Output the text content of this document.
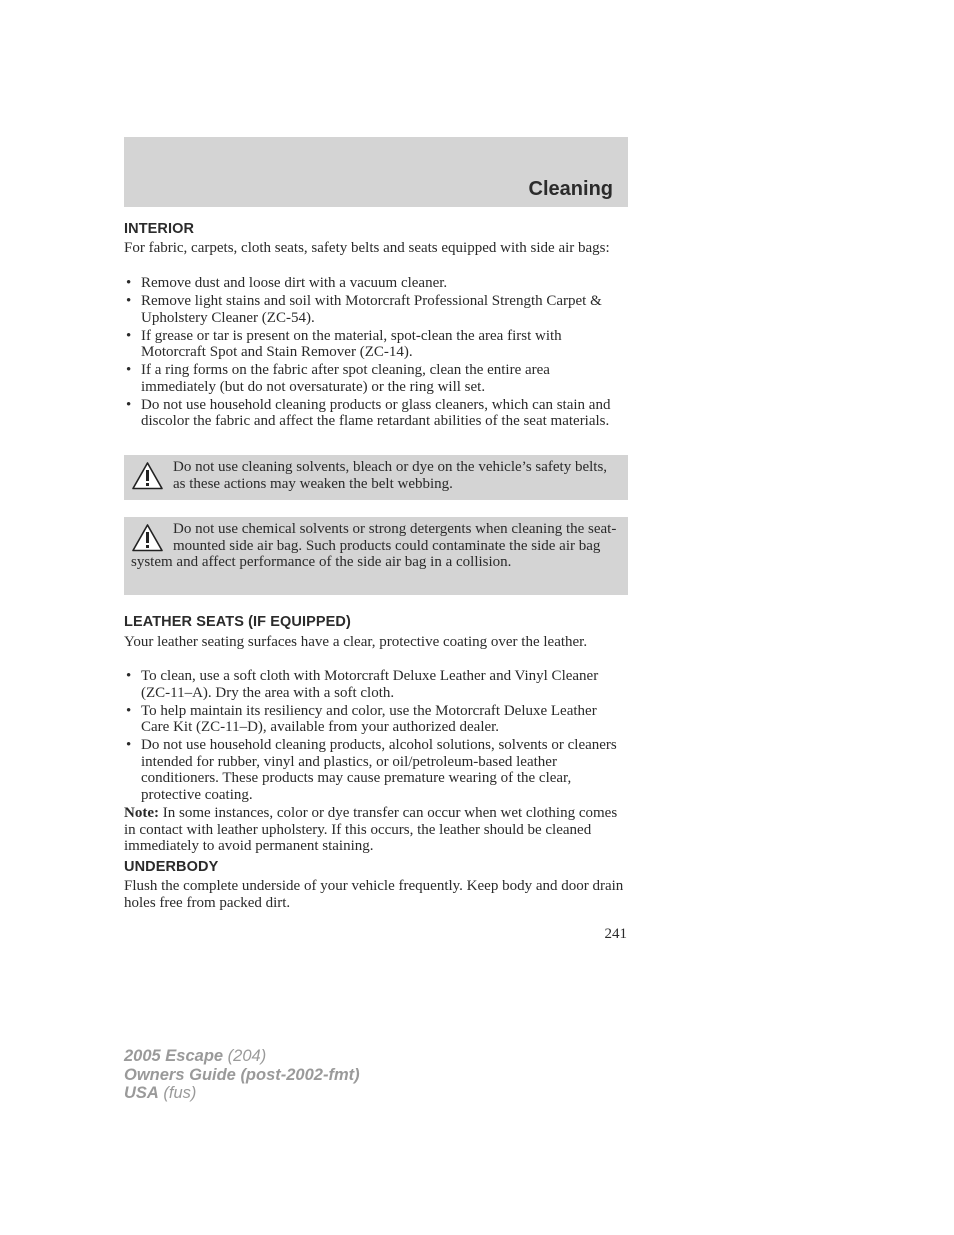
Cleaning
INTERIOR
For fabric, carpets, cloth seats, safety belts and seats equipped with side air bags:
• Remove dust and loose dirt with a vacuum cleaner.
• Remove light stains and soil with Motorcraft Professional Strength Carpet & Upholstery Cleaner (ZC-54).
• If grease or tar is present on the material, spot-clean the area first with Motorcraft Spot and Stain Remover (ZC-14).
• If a ring forms on the fabric after spot cleaning, clean the entire area immediately (but do not oversaturate) or the ring will set.
• Do not use household cleaning products or glass cleaners, which can stain and discolor the fabric and affect the flame retardant abilities of the seat materials.
Do not use cleaning solvents, bleach or dye on the vehicle’s safety belts, as these actions may weaken the belt webbing.
Do not use chemical solvents or strong detergents when cleaning the seat-mounted side air bag. Such products could contaminate the side air bag system and affect performance of the side air bag in a collision.
LEATHER SEATS (IF EQUIPPED)
Your leather seating surfaces have a clear, protective coating over the leather.
• To clean, use a soft cloth with Motorcraft Deluxe Leather and Vinyl Cleaner (ZC-11–A). Dry the area with a soft cloth.
• To help maintain its resiliency and color, use the Motorcraft Deluxe Leather Care Kit (ZC-11–D), available from your authorized dealer.
• Do not use household cleaning products, alcohol solutions, solvents or cleaners intended for rubber, vinyl and plastics, or oil/petroleum-based leather conditioners. These products may cause premature wearing of the clear, protective coating.
Note: In some instances, color or dye transfer can occur when wet clothing comes in contact with leather upholstery. If this occurs, the leather should be cleaned immediately to avoid permanent staining.
UNDERBODY
Flush the complete underside of your vehicle frequently. Keep body and door drain holes free from packed dirt.
241
2005 Escape (204)
Owners Guide (post-2002-fmt)
USA (fus)
